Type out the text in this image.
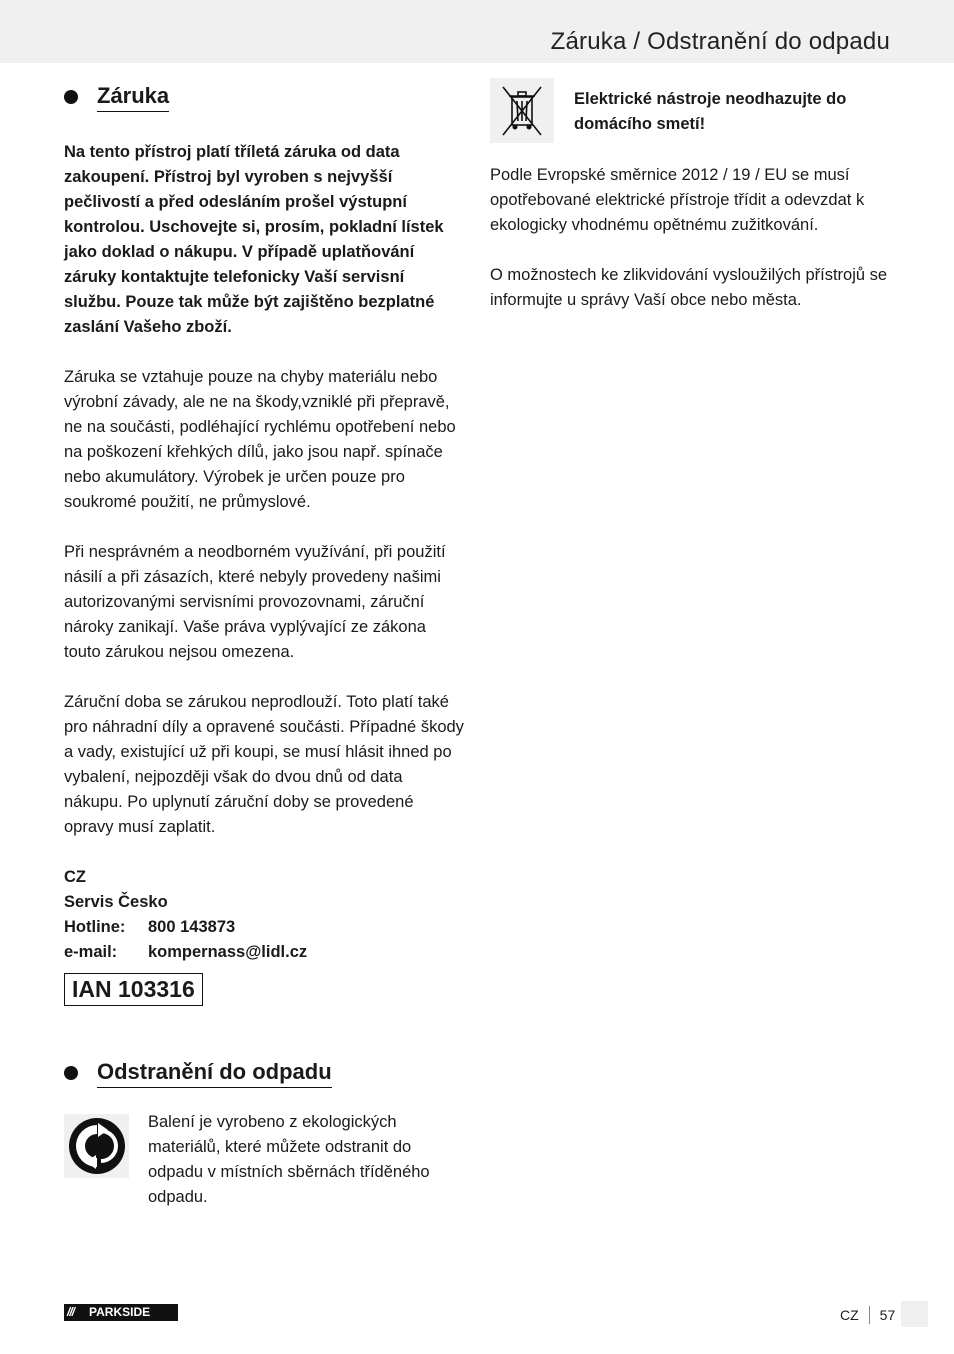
Záruka / Odstranění do odpadu
Záruka

Na tento přístroj platí tříletá záruka od data zakoupení. Přístroj byl vyroben s nejvyšší pečlivostí a před odesláním prošel výstupní kontrolou. Uschovejte si, prosím, pokladní lístek jako doklad o nákupu. V případě uplatňování záruky kontaktujte telefonicky Vaší servisní službu. Pouze tak může být zajištěno bezplatné zaslání Vašeho zboží.

Záruka se vztahuje pouze na chyby materiálu nebo výrobní závady, ale ne na škody,vzniklé při přepravě, ne na součásti, podléhající rychlému opotřebení nebo na poškození křehkých dílů, jako jsou např. spínače nebo akumulátory. Výrobek je určen pouze pro soukromé použití, ne průmyslové.

Při nesprávném a neodborném využívání, při použití násilí a při zásazích, které nebyly provedeny našimi autorizovanými servisními provozovnami, záruční nároky zanikají. Vaše práva vyplývající ze zákona touto zárukou nejsou omezena.

Záruční doba se zárukou neprodlouží. Toto platí také pro náhradní díly a opravené součásti. Případné škody a vady, existující už při koupi, se musí hlásit ihned po vybalení, nejpozději však do dvou dnů od data nákupu. Po uplynutí záruční doby se provedené opravy musí zaplatit.

CZ
Servis Česko
Hotline:	800 143873
e-mail:	kompernass@lidl.cz
IAN 103316
Odstranění do odpadu

Balení je vyrobeno z ekologických materiálů, které můžete odstranit do odpadu v místních sběrnách tříděného odpadu.

Elektrické nástroje neodhazujte do domácího smetí!

Podle Evropské směrnice 2012 / 19 / EU se musí opotřebované elektrické přístroje třídit a odevzdat k ekologicky vhodnému opětnému zužitkování.

O možnostech ke zlikvidování vysloužilých přístrojů se informujte u správy Vaší obce nebo města.

///	PARKSIDE	CZ 57
